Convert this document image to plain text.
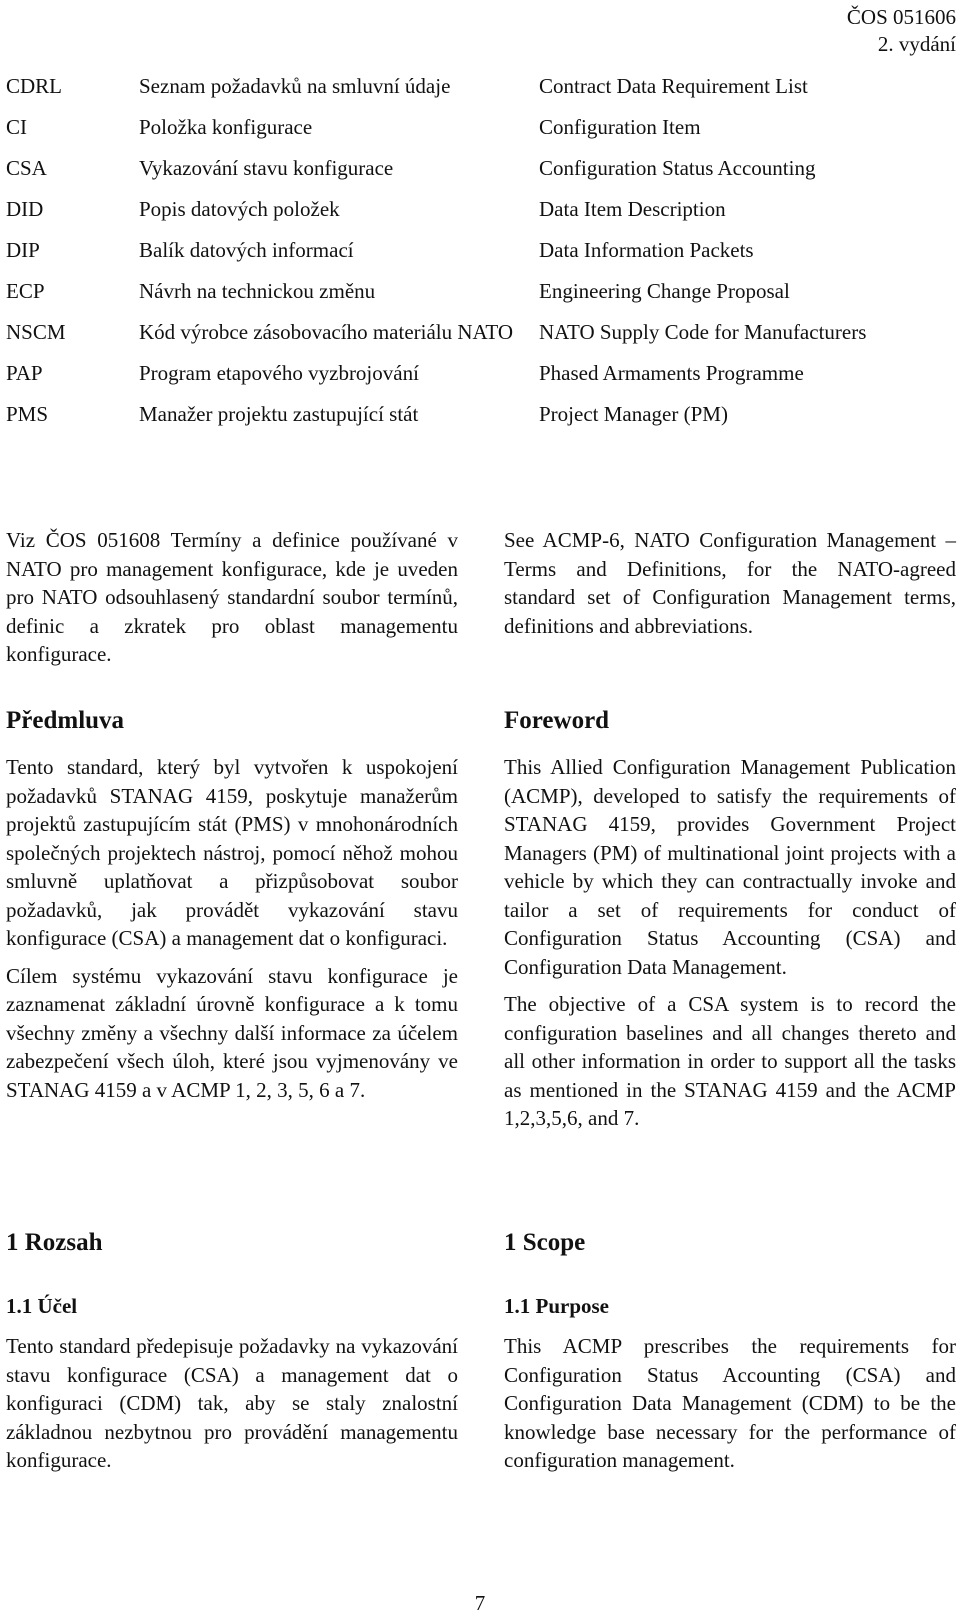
ČOS 051606
2. vydání
CDRL	Seznam požadavků na smluvní údaje	Contract Data Requirement List
CI	Položka konfigurace	Configuration Item
CSA	Vykazování stavu konfigurace	Configuration Status Accounting
DID	Popis datových položek	Data Item Description
DIP	Balík datových informací	Data Information Packets
ECP	Návrh na technickou změnu	Engineering Change Proposal
NSCM	Kód výrobce zásobovacího materiálu NATO	NATO Supply Code for Manufacturers
PAP	Program etapového vyzbrojování	Phased Armaments Programme
PMS	Manažer projektu zastupující stát	Project Manager (PM)

Viz ČOS 051608 Termíny a definice používané v NATO pro management konfigurace, kde je uveden pro NATO odsouhlasený standardní soubor termínů, definic a zkratek pro oblast managementu konfigurace.

See ACMP-6, NATO Configuration Management – Terms and Definitions, for the NATO-agreed standard set of Configuration Management terms, definitions and abbreviations.

Předmluva

Tento standard, který byl vytvořen k uspokojení požadavků STANAG 4159, poskytuje manažerům projektů zastupujícím stát (PMS) v mnohonárodních společných projektech nástroj, pomocí něhož mohou smluvně uplatňovat a přizpůsobovat soubor požadavků, jak provádět vykazování stavu konfigurace (CSA) a management dat o konfiguraci.

Cílem systému vykazování stavu konfigurace je zaznamenat základní úrovně konfigurace a k tomu všechny změny a všechny další informace za účelem zabezpečení všech úloh, které jsou vyjmenovány ve STANAG 4159 a v ACMP 1, 2, 3, 5, 6 a 7.

Foreword

This Allied Configuration Management Publication (ACMP), developed to satisfy the requirements of STANAG 4159, provides Government Project Managers (PM) of multinational joint projects with a vehicle by which they can contractually invoke and tailor a set of requirements for conduct of Configuration Status Accounting (CSA) and Configuration Data Management.

The objective of a CSA system is to record the configuration baselines and all changes thereto and all other information in order to support all the tasks as mentioned in the STANAG 4159 and the ACMP 1,2,3,5,6, and 7.

1 Rozsah
1.1 Účel

Tento standard předepisuje požadavky na vykazování stavu konfigurace (CSA) a management dat o konfiguraci (CDM) tak, aby se staly znalostní základnou nezbytnou pro provádění managementu konfigurace.

1 Scope
1.1 Purpose

This ACMP prescribes the requirements for Configuration Status Accounting (CSA) and Configuration Data Management (CDM) to be the knowledge base necessary for the performance of configuration management.

7
